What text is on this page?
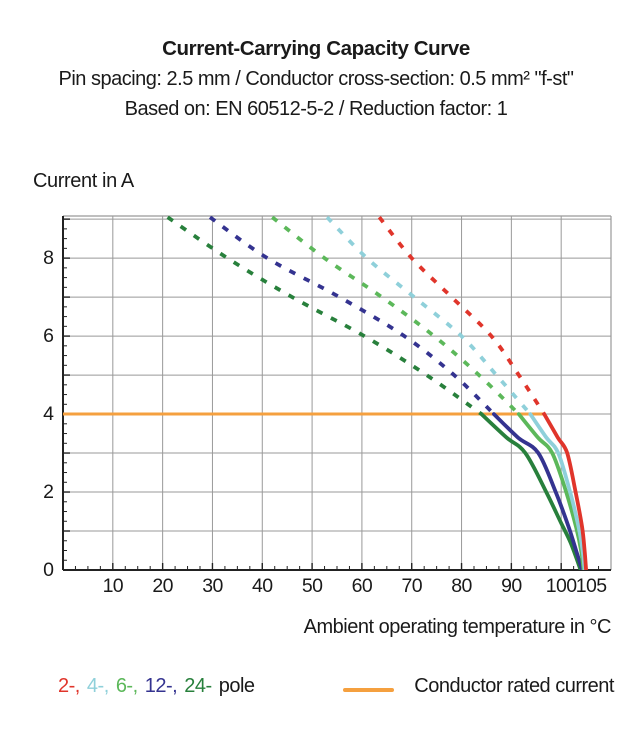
Current-Carrying Capacity Curve
Pin spacing: 2.5 mm / Conductor cross-section: 0.5 mm² "f-st"
Based on: EN 60512-5-2 / Reduction factor: 1
Current in A
10	20	30	40	50	60	70	80	90	100 105
0
2
4
6
8
Ambient operating temperature in °C
2-, 4-, 6-, 12-, 24- pole	Conductor rated current
